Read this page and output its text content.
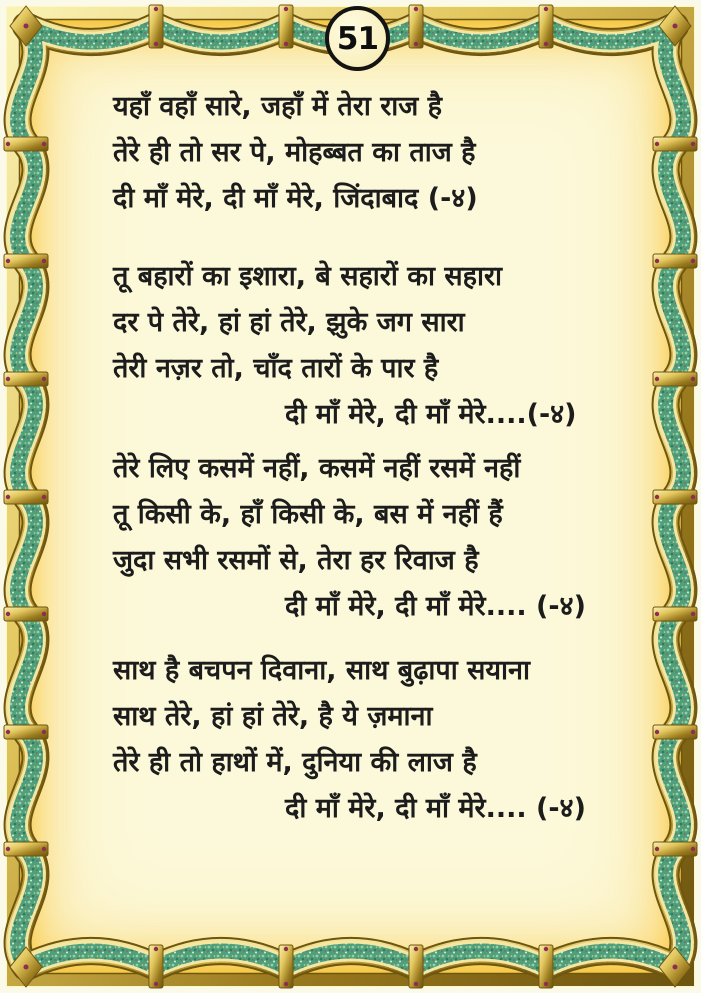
51
यहाँ वहाँ सारे, जहाँ में तेरा राज है
तेरे ही तो सर पे, मोहब्बत का ताज है
दी माँ मेरे, दी माँ मेरे, जिंदाबाद (-४)
तू बहारों का इशारा, बे सहारों का सहारा
दर पे तेरे, हां हां तेरे, झुके जग सारा
तेरी नज़र तो, चाँद तारों के पार है
दी माँ मेरे, दी माँ मेरे....(-४)
तेरे लिए कसमें नहीं, कसमें नहीं रसमें नहीं
तू किसी के, हाँ किसी के, बस में नहीं हैं
जुदा सभी रसमों से, तेरा हर रिवाज है
दी माँ मेरे, दी माँ मेरे.... (-४)
साथ है बचपन दिवाना, साथ बुढ़ापा सयाना
साथ तेरे, हां हां तेरे, है ये ज़माना
तेरे ही तो हाथों में, दुनिया की लाज है
दी माँ मेरे, दी माँ मेरे.... (-४)
